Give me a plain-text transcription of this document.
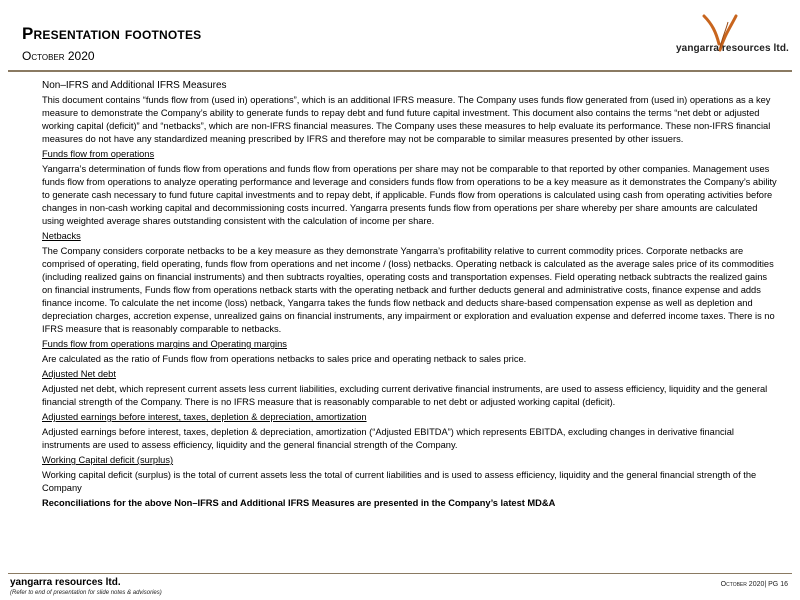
Presentation footnotes
October 2020
yangarra resources ltd.
Non–IFRS and Additional IFRS Measures

This document contains “funds flow from (used in) operations”, which is an additional IFRS measure. The Company uses funds flow generated from (used in) operations as a key measure to demonstrate the Company’s ability to generate funds to repay debt and fund future capital investment. This document also contains the terms “net debt or adjusted working capital (deficit)” and “netbacks”, which are non-IFRS financial measures. The Company uses these measures to help evaluate its performance. These non-IFRS financial measures do not have any standardized meaning prescribed by IFRS and therefore may not be comparable to similar measures presented by other issuers.

Funds flow from operations

Yangarra’s determination of funds flow from operations and funds flow from operations per share may not be comparable to that reported by other companies. Management uses funds flow from operations to analyze operating performance and leverage and considers funds flow from operations to be a key measure as it demonstrates the Company’s ability to generate cash necessary to fund future capital investments and to repay debt, if applicable. Funds flow from operations is calculated using cash from operating activities before changes in non-cash working capital and decommissioning costs incurred. Yangarra presents funds flow from operations per share whereby per share amounts are calculated using weighted average shares outstanding consistent with the calculation of income per share.

Netbacks

The Company considers corporate netbacks to be a key measure as they demonstrate Yangarra’s profitability relative to current commodity prices. Corporate netbacks are comprised of operating, field operating, funds flow from operations and net income / (loss) netbacks. Operating netback is calculated as the average sales price of its commodities (including realized gains on financial instruments) and then subtracts royalties, operating costs and transportation expenses. Field operating netback subtracts the realized gains on financial instruments, Funds flow from operations netback starts with the operating netback and further deducts general and administrative costs, finance expense and adds finance income. To calculate the net income (loss) netback, Yangarra takes the funds flow netback and deducts share-based compensation expense as well as depletion and depreciation charges, accretion expense, unrealized gains on financial instruments, any impairment or exploration and evaluation expense and deferred income taxes. There is no IFRS measure that is reasonably comparable to netbacks.

Funds flow from operations margins and Operating margins

Are calculated as the ratio of Funds flow from operations netbacks to sales price and operating netback to sales price.

Adjusted Net debt

Adjusted net debt, which represent current assets less current liabilities, excluding current derivative financial instruments, are used to assess efficiency, liquidity and the general financial strength of the Company. There is no IFRS measure that is reasonably comparable to net debt or adjusted working capital (deficit).

Adjusted earnings before interest, taxes, depletion & depreciation, amortization

Adjusted earnings before interest, taxes, depletion & depreciation, amortization (“Adjusted EBITDA”) which represents EBITDA, excluding changes in derivative financial instruments are used to assess efficiency, liquidity and the general financial strength of the Company.

Working Capital deficit (surplus)

Working capital deficit (surplus) is the total of current assets less the total of current liabilities and is used to assess efficiency, liquidity and the general financial strength of the Company

Reconciliations for the above Non–IFRS and Additional IFRS Measures are presented in the Company’s latest MD&A
yangarra resources ltd.
(Refer to end of presentation for slide notes & advisories)
October 2020| PG 16
